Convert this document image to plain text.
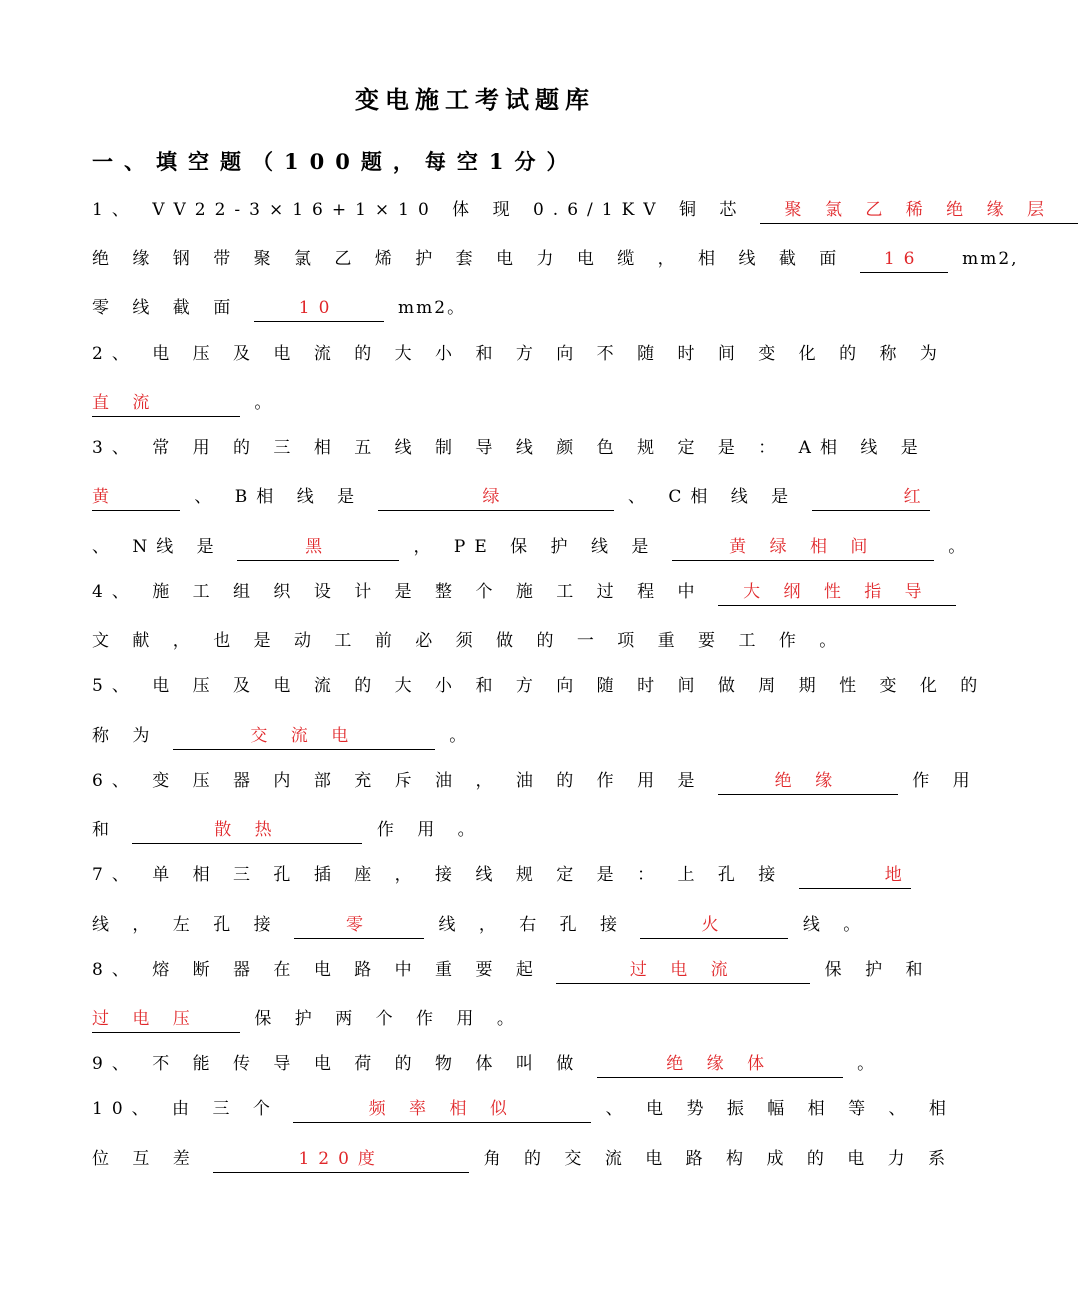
变电施工考试题库
一、填空题（100题，每空1分）
1、 VV22-3×16+1×10 体 现 0.6/1KV 铜 芯 聚 氯 乙 稀 绝 缘 层
绝 缘 钢 带 聚 氯 乙 烯 护 套 电 力 电 缆 ， 相 线 截 面 16 mm2,
零 线 截 面	10	mm2。
2、 电 压 及 电 流 的 大 小 和 方 向 不 随 时 间 变 化 的 称 为
直 流	。
3、 常 用 的 三 相 五 线 制 导 线 颜 色 规 定 是 ： A相 线 是
黄	、 B相 线 是	绿	、 C相 线 是	红
、 N线 是	黑	， PE 保 护 线 是	黄 绿 相 间	。
4、 施 工 组 织 设 计 是 整 个 施 工 过 程 中 大 纲 性 指 导
文 献 ， 也 是 动 工 前 必 须 做 的 一 项 重 要 工 作 。
5、 电 压 及 电 流 的 大 小 和 方 向 随 时 间 做 周 期 性 变 化 的
称 为	交 流 电	。
6、 变 压 器 内 部 充 斥 油 ， 油 的 作 用 是	绝 缘	作 用
和	散 热	作 用 。
7、 单 相 三 孔 插 座 ， 接 线 规 定 是 ： 上 孔 接	地
线 ， 左 孔 接	零	线 ， 右 孔 接	火	线 。
8、 熔 断 器 在 电 路 中 重 要 起	过 电 流	保 护 和
过 电 压	保 护 两 个 作 用 。
9、 不 能 传 导 电 荷 的 物 体 叫 做	绝 缘 体	。
10、 由 三 个	频 率 相 似	、 电 势 振 幅 相 等 、 相
位 互 差	120度	角 的 交 流 电 路 构 成 的 电 力 系
